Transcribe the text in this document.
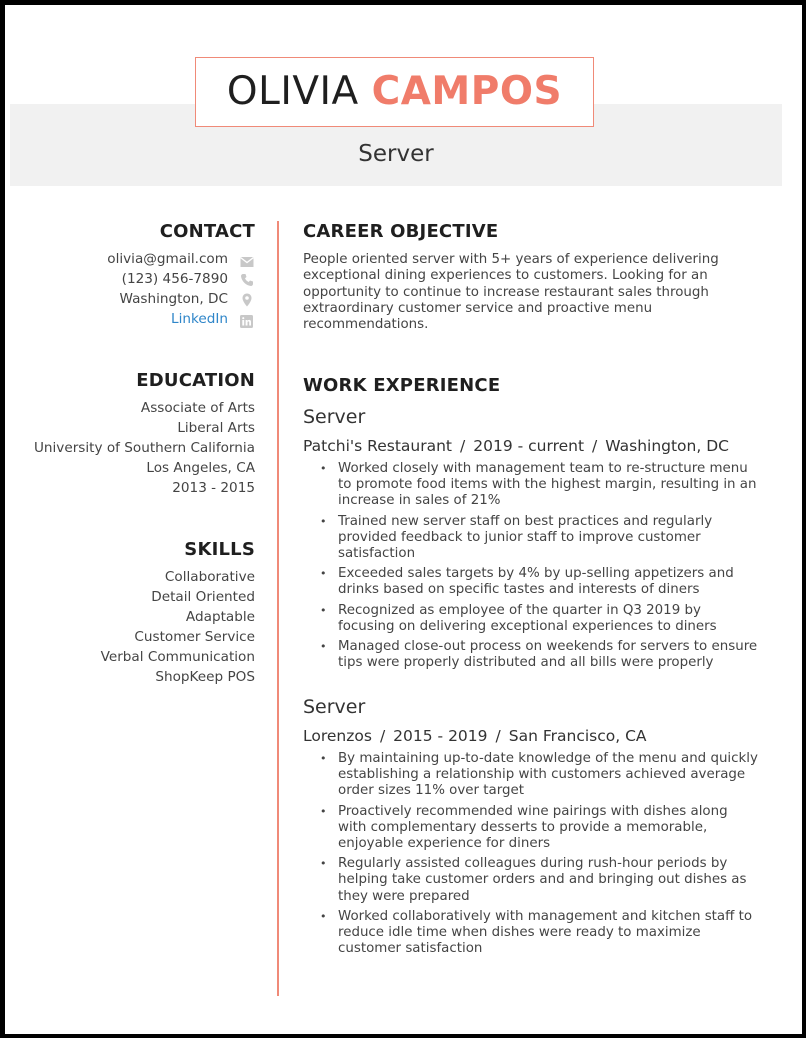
OLIVIA CAMPOS
Server
CONTACT
olivia@gmail.com
(123) 456-7890
Washington, DC
LinkedIn
EDUCATION
Associate of Arts
Liberal Arts
University of Southern California
Los Angeles, CA
2013 - 2015
SKILLS
Collaborative
Detail Oriented
Adaptable
Customer Service
Verbal Communication
ShopKeep POS
CAREER OBJECTIVE
People oriented server with 5+ years of experience delivering exceptional dining experiences to customers. Looking for an opportunity to continue to increase restaurant sales through extraordinary customer service and proactive menu recommendations.
WORK EXPERIENCE
Server
Patchi's Restaurant / 2019 - current / Washington, DC
• Worked closely with management team to re-structure menu to promote food items with the highest margin, resulting in an increase in sales of 21%
• Trained new server staff on best practices and regularly provided feedback to junior staff to improve customer satisfaction
• Exceeded sales targets by 4% by up-selling appetizers and drinks based on specific tastes and interests of diners
• Recognized as employee of the quarter in Q3 2019 by focusing on delivering exceptional experiences to diners
• Managed close-out process on weekends for servers to ensure tips were properly distributed and all bills were properly
Server
Lorenzos / 2015 - 2019 / San Francisco, CA
• By maintaining up-to-date knowledge of the menu and quickly establishing a relationship with customers achieved average order sizes 11% over target
• Proactively recommended wine pairings with dishes along with complementary desserts to provide a memorable, enjoyable experience for diners
• Regularly assisted colleagues during rush-hour periods by helping take customer orders and and bringing out dishes as they were prepared
• Worked collaboratively with management and kitchen staff to reduce idle time when dishes were ready to maximize customer satisfaction
